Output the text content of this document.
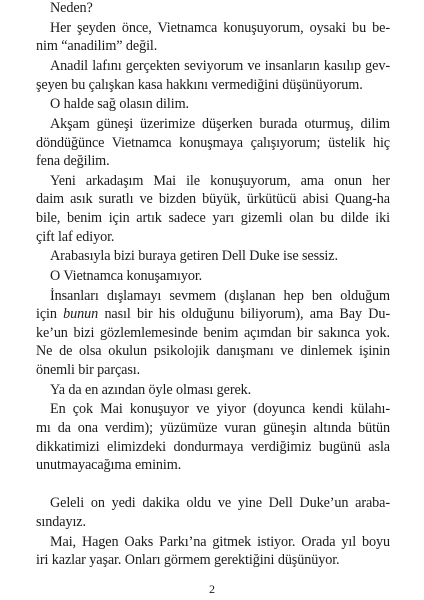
Neden?
Her şeyden önce, Vietnamca konuşuyorum, oysaki bu be-
nim “anadilim” değil.
Anadil lafını gerçekten seviyorum ve insanların kasılıp gev-
şeyen bu çalışkan kasa hakkını vermediğini düşünüyorum.
O halde sağ olasın dilim.
Akşam güneşi üzerimize düşerken burada oturmuş, dilim
döndüğünce Vietnamca konuşmaya çalışıyorum; üstelik hiç
fena değilim.
Yeni arkadaşım Mai ile konuşuyorum, ama onun her
daim asık suratlı ve bizden büyük, ürkütücü abisi Quang-ha
bile, benim için artık sadece yarı gizemli olan bu dilde iki
çift laf ediyor.
Arabasıyla bizi buraya getiren Dell Duke ise sessiz.
O Vietnamca konuşamıyor.
İnsanları dışlamayı sevmem (dışlanan hep ben olduğum
için bunun nasıl bir his olduğunu biliyorum), ama Bay Du-
ke’un bizi gözlemlemesinde benim açımdan bir sakınca yok.
Ne de olsa okulun psikolojik danışmanı ve dinlemek işinin
önemli bir parçası.
Ya da en azından öyle olması gerek.
En çok Mai konuşuyor ve yiyor (doyunca kendi külahı-
mı da ona verdim); yüzümüze vuran güneşin altında bütün
dikkatimizi elimizdeki dondurmaya verdiğimiz bugünü asla
unutmayacağıma eminim.
Geleli on yedi dakika oldu ve yine Dell Duke’un araba-
sındayız.
Mai, Hagen Oaks Parkı’na gitmek istiyor. Orada yıl boyu
iri kazlar yaşar. Onları görmem gerektiğini düşünüyor.
2
